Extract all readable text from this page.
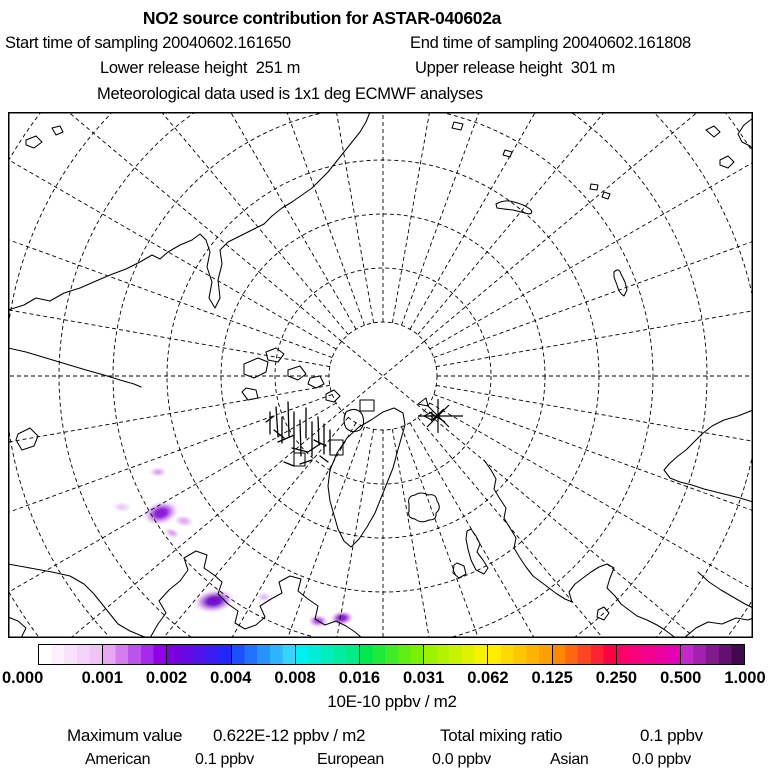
NO2 source contribution for ASTAR-040602a
Start time of sampling 20040602.161650	End time of sampling 20040602.161808
Lower release height  251 m	Upper release height  301 m
Meteorological data used is 1x1 deg ECMWF analyses
0.000 0.001 0.002 0.004 0.008 0.016 0.031 0.062 0.125 0.250 0.500 1.000
10E-10 ppbv / m2
Maximum value 0.622E-12 ppbv / m2	Total mixing ratio	0.1 ppbv
American	0.1 ppbv	European	0.0 ppbv	Asian	0.0 ppbv
